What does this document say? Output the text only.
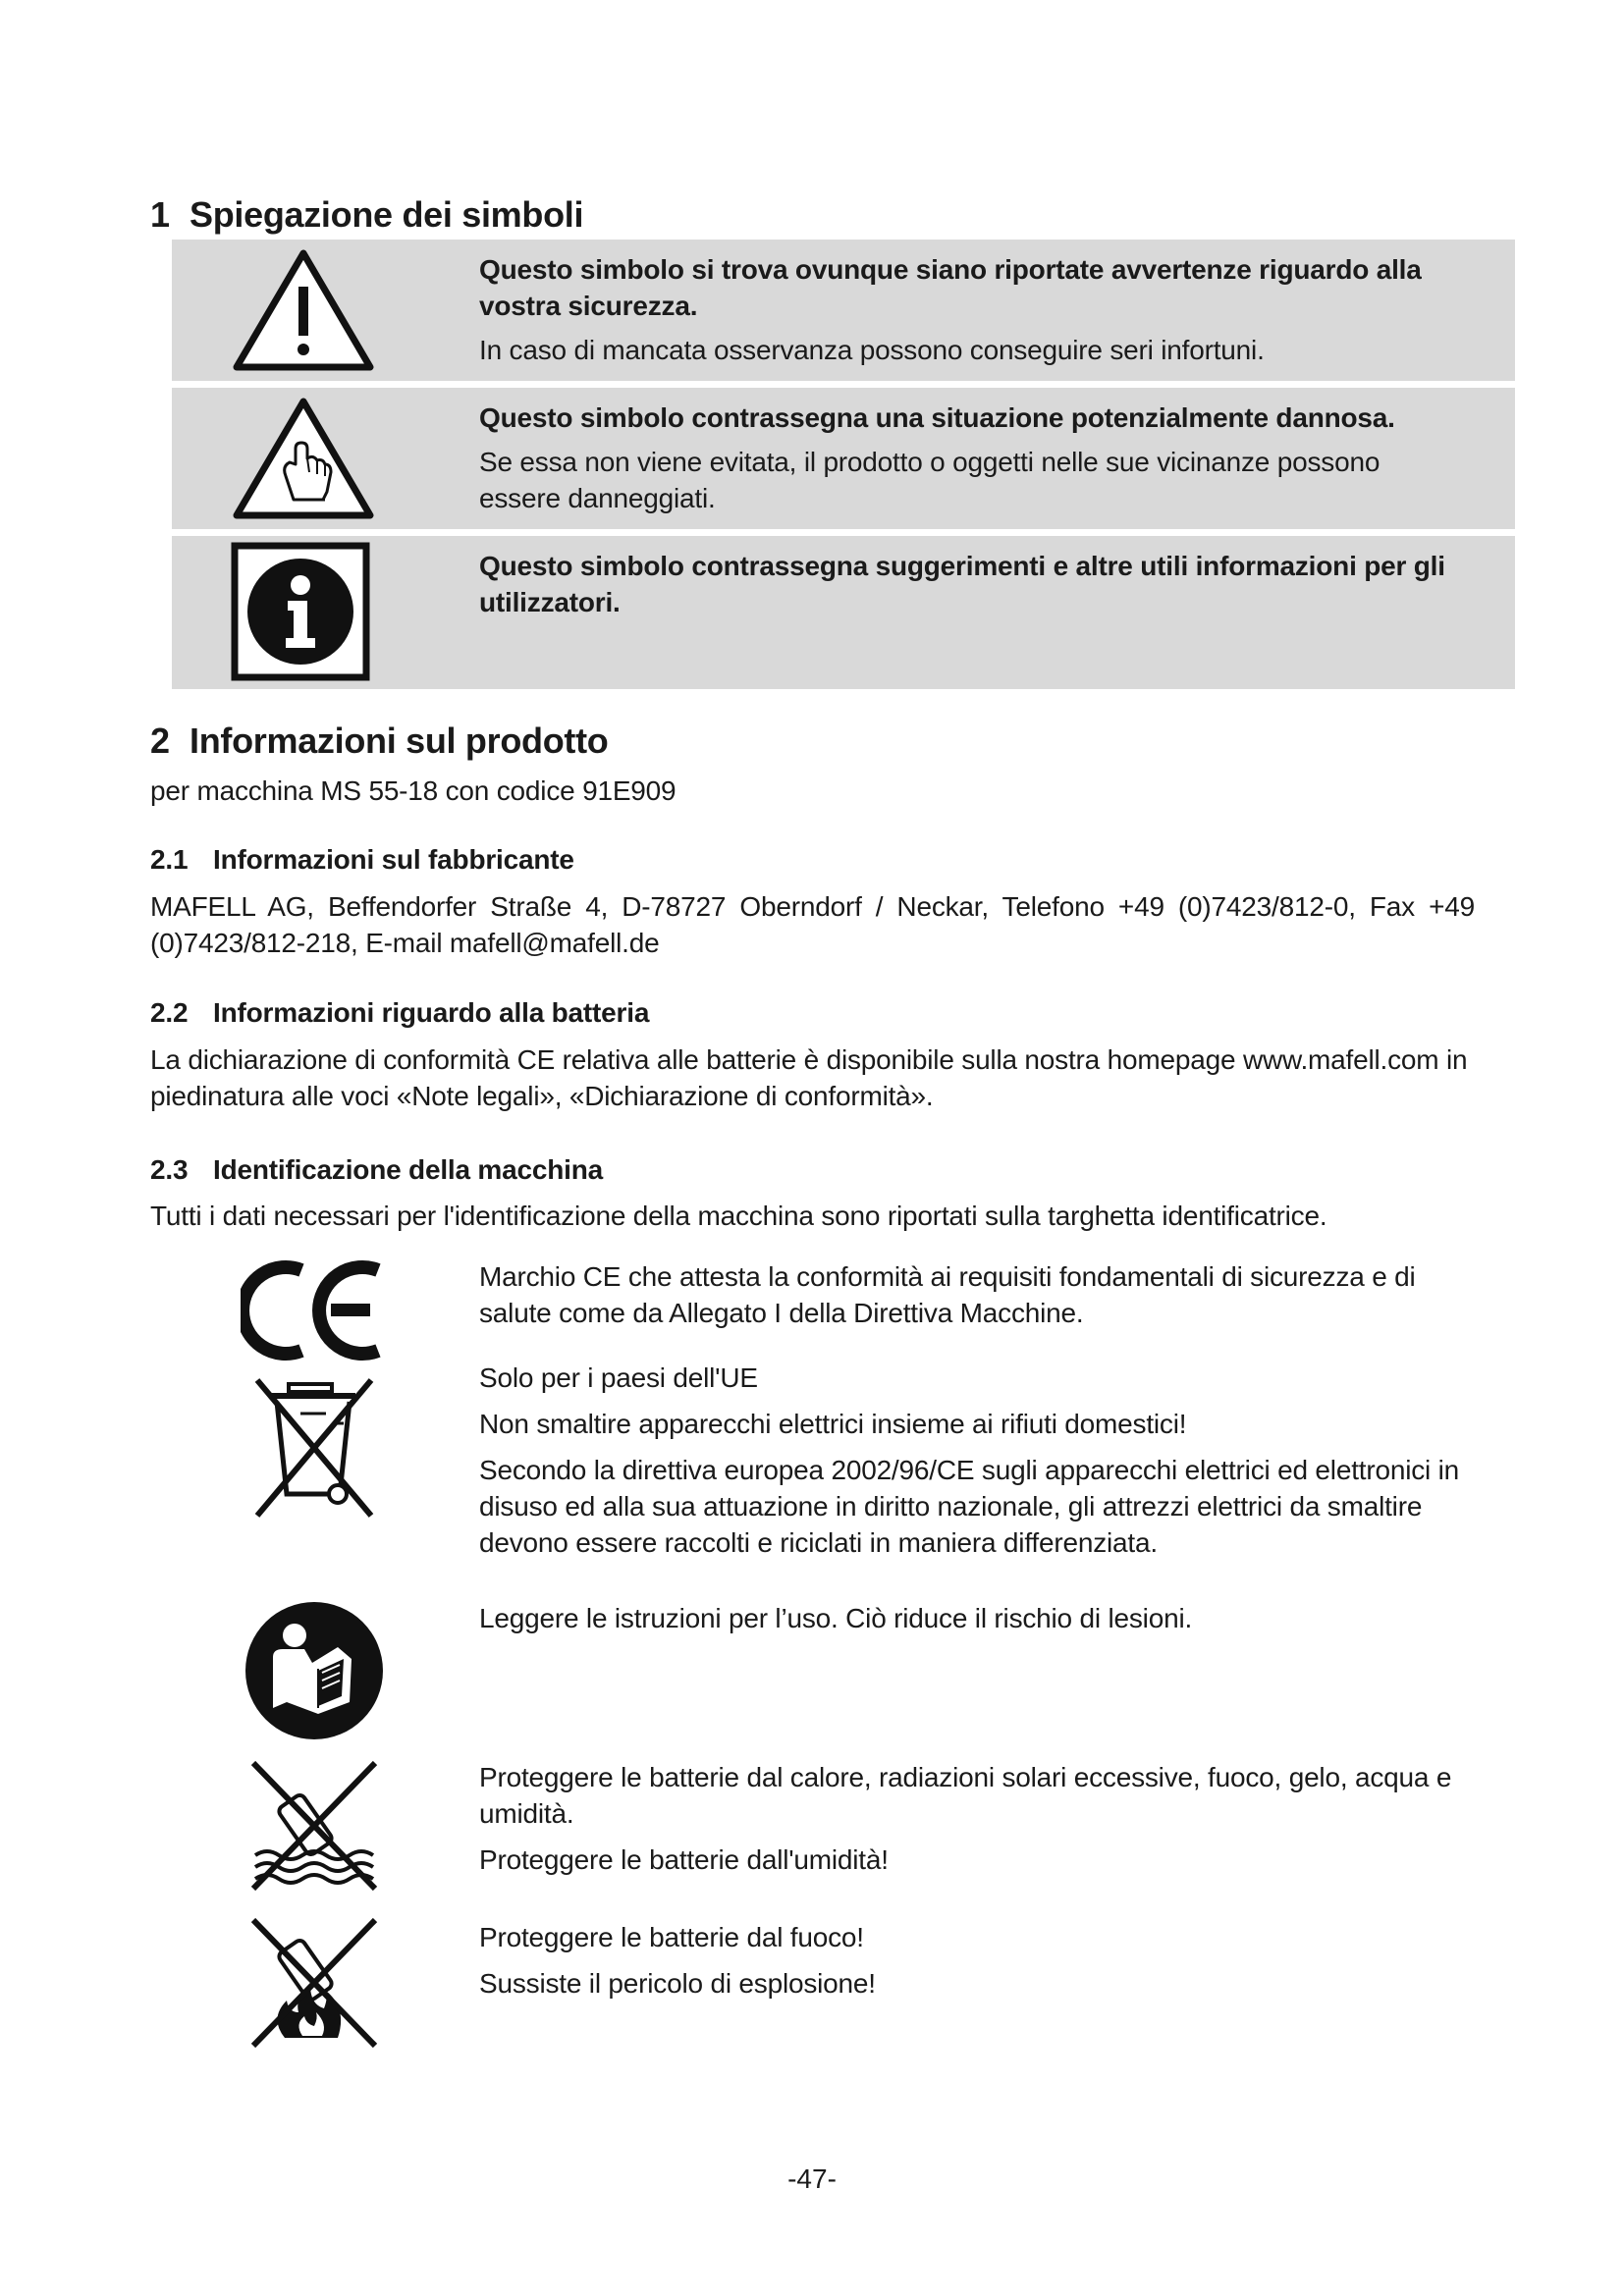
1 Spiegazione dei simboli

Questo simbolo si trova ovunque siano riportate avvertenze riguardo alla vostra sicurezza.

In caso di mancata osservanza possono conseguire seri infortuni.

Questo simbolo contrassegna una situazione potenzialmente dannosa.

Se essa non viene evitata, il prodotto o oggetti nelle sue vicinanze possono essere danneggiati.

Questo simbolo contrassegna suggerimenti e altre utili informazioni per gli utilizzatori.

2 Informazioni sul prodotto

per macchina MS 55-18 con codice 91E909

2.1 Informazioni sul fabbricante

MAFELL AG, Beffendorfer Straße 4, D-78727 Oberndorf / Neckar, Telefono +49 (0)7423/812-0, Fax +49 (0)7423/812-218, E-mail mafell@mafell.de

2.2 Informazioni riguardo alla batteria

La dichiarazione di conformità CE relativa alle batterie è disponibile sulla nostra homepage www.mafell.com in piedinatura alle voci «Note legali», «Dichiarazione di conformità».

2.3 Identificazione della macchina

Tutti i dati necessari per l'identificazione della macchina sono riportati sulla targhetta identificatrice.

Marchio CE che attesta la conformità ai requisiti fondamentali di sicurezza e di salute come da Allegato I della Direttiva Macchine.

Solo per i paesi dell'UE

Non smaltire apparecchi elettrici insieme ai rifiuti domestici!

Secondo la direttiva europea 2002/96/CE sugli apparecchi elettrici ed elettronici in disuso ed alla sua attuazione in diritto nazionale, gli attrezzi elettrici da smaltire devono essere raccolti e riciclati in maniera differenziata.

Leggere le istruzioni per l’uso. Ciò riduce il rischio di lesioni.

Proteggere le batterie dal calore, radiazioni solari eccessive, fuoco, gelo, acqua e umidità.

Proteggere le batterie dall'umidità!

Proteggere le batterie dal fuoco!

Sussiste il pericolo di esplosione!

-47-
